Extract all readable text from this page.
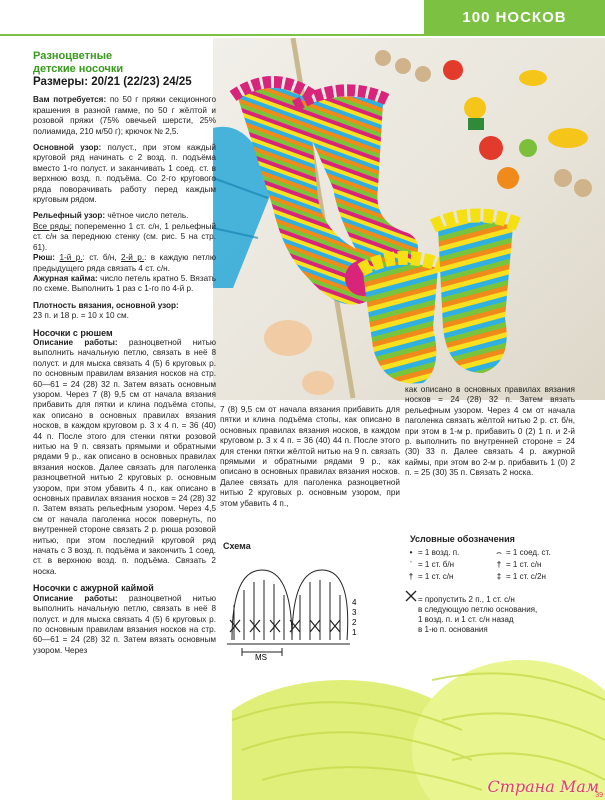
100 НОСКОВ
Разноцветные
детские носочки
Размеры: 20/21 (22/23) 24/25

Вам потребуется: по 50 г пряжи секционного крашения в разной гамме, по 50 г жёлтой и розовой пряжи (75% овечьей шерсти, 25% полиамида, 210 м/50 г); крючок № 2,5.

Основной узор: полуст., при этом каждый круговой ряд начинать с 2 возд. п. подъёма вместо 1-го полуст. и заканчивать 1 соед. ст. в верхнюю возд. п. подъёма. Со 2-го кругового ряда поворачивать работу перед каждым круговым рядом.

Рельефный узор: чётное число петель.
Все ряды: попеременно 1 ст. с/н, 1 рельефный ст. с/н за переднюю стенку (см. рис. 5 на стр. 61).

Рюш: 1-й р.: ст. б/н, 2-й р.: в каждую петлю предыдущего ряда связать 4 ст. с/н.

Ажурная кайма: число петель кратно 5. Вязать по схеме. Выполнить 1 раз с 1-го по 4-й р.

Плотность вязания, основной узор:
23 п. и 18 р. = 10 х 10 см.

Носочки с рюшем

Описание работы: разноцветной нитью выполнить начальную петлю, связать в неё 8 полуст. и для мыска связать 4 (5) 6 круговых р. по основным правилам вязания носков на стр. 60—61 = 24 (28) 32 п. Затем вязать основным узором. Через 7 (8) 9,5 см от начала вязания прибавить для пятки и клина подъёма стопы, как описано в основных правилах вязания носков, в каждом круговом р. 3 х 4 п. = 36 (40) 44 п. После этого для стенки пятки розовой нитью на 9 п. связать прямыми и обратными рядами 9 р., как описано в основных правилах вязания носков. Далее связать для паголенка разноцветной нитью 2 круговых р. основным узором, при этом убавить 4 п., как описано в основных правилах вязания носков = 24 (28) 32 п. Затем вязать рельефным узором. Через 4,5 см от начала паголенка носок повернуть, по внутренней стороне связать 2 р. рюша розовой нитью, при этом последний круговой ряд начать с 3 возд. п. подъёма и закончить 1 соед. ст. в верхнюю возд. п. подъёма. Связать 2 носка.

Носочки с ажурной каймой

Описание работы: разноцветной нитью выполнить начальную петлю, связать в неё 8 полуст. и для мыска связать 4 (5) 6 круговых р. по основным правилам вязания носков на стр. 60—61 = 24 (28) 32 п. Затем вязать основным узором. Через

7 (8) 9,5 см от начала вязания прибавить для пятки и клина подъёма стопы, как описано в основных правилах вязания носков, в каждом круговом р. 3 х 4 п. = 36 (40) 44 п. После этого для стенки пятки жёлтой нитью на 9 п. связать прямыми и обратными рядами 9 р., как описано в основных правилах вязания носков. Далее связать для паголенка разноцветной нитью 2 круговых р. основным узором, при этом убавить 4 п.,
как описано в основных правилах вязания носков = 24 (28) 32 п. Затем вязать рельефным узором. Через 4 см от начала паголенка связать жёлтой нитью 2 р. ст. б/н, при этом в 1-м р. прибавить 0 (2) 1 п. и 2-й р. выполнить по внутренней стороне = 24 (30) 33 п. Далее связать 4 р. ажурной каймы, при этом во 2-м р. прибавить 1 (0) 2 п. = 25 (30) 35 п. Связать 2 носка.
Схема
MS
4
3
2
1
Условные обозначения
• = 1 возд. п.	⌢ = 1 соед. ст.
ˈ = 1 ст. б/н	† = 1 ст. с/н
† = 1 ст. с/н	‡ = 1 ст. с/2н
= пропустить 2 п., 1 ст. с/н
в следующую петлю основания,
1 возд. п. и 1 ст. с/н назад
в 1-ю п. основания
Страна Мам
39
